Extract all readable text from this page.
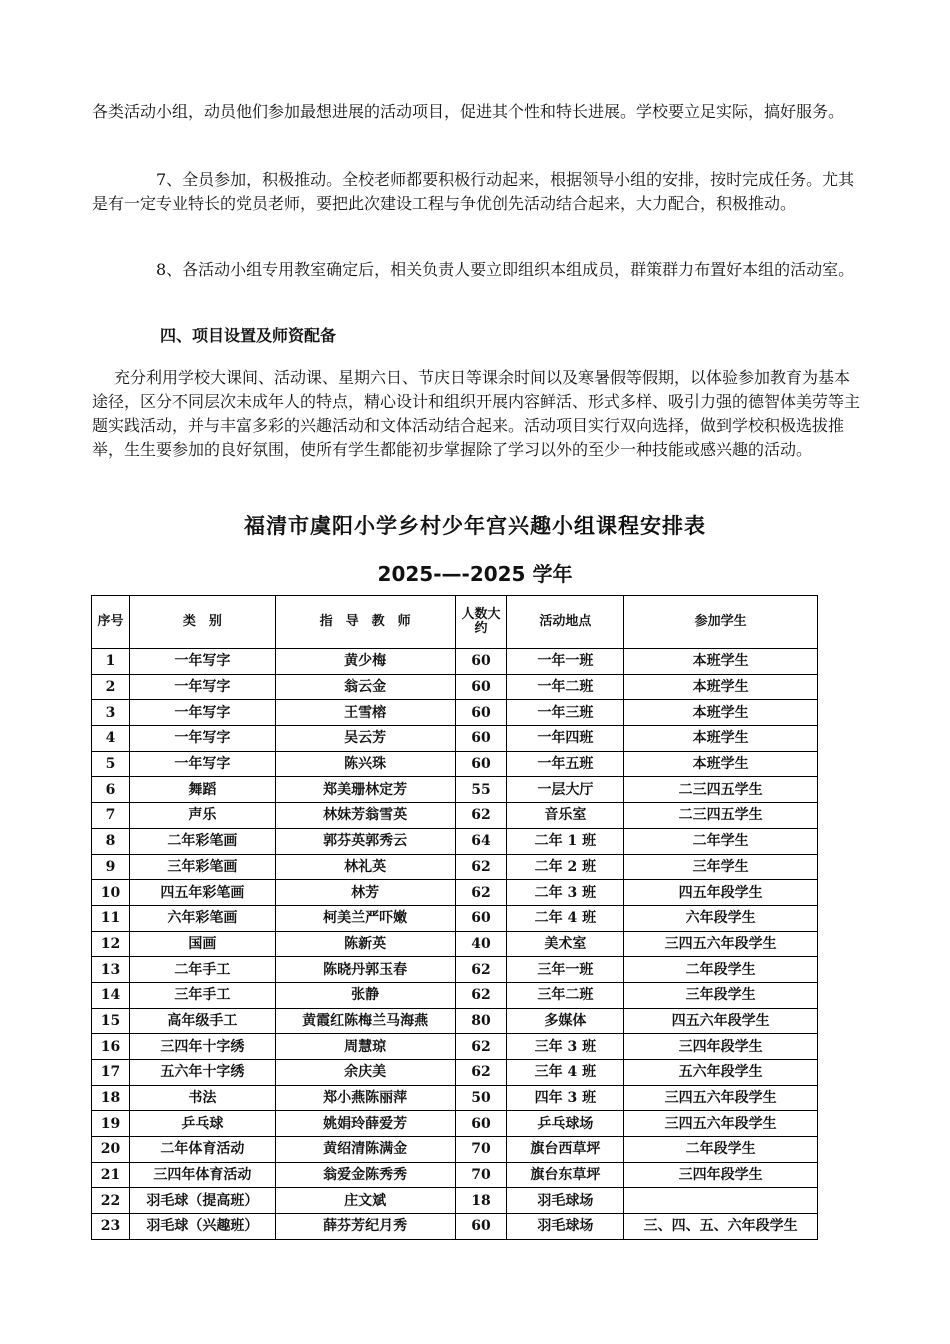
各类活动小组，动员他们参加最想进展的活动项目，促进其个性和特长进展。学校要立足实际，搞好服务。

7、全员参加，积极推动。全校老师都要积极行动起来，根据领导小组的安排，按时完成任务。尤其是有一定专业特长的党员老师，要把此次建设工程与争优创先活动结合起来，大力配合，积极推动。

8、各活动小组专用教室确定后，相关负责人要立即组织本组成员，群策群力布置好本组的活动室。

四、项目设置及师资配备

充分利用学校大课间、活动课、星期六日、节庆日等课余时间以及寒暑假等假期，以体验参加教育为基本途径，区分不同层次未成年人的特点，精心设计和组织开展内容鲜活、形式多样、吸引力强的德智体美劳等主题实践活动，并与丰富多彩的兴趣活动和文体活动结合起来。活动项目实行双向选择，做到学校积极选拔推举，生生要参加的良好氛围，使所有学生都能初步掌握除了学习以外的至少一种技能或感兴趣的活动。

福清市虞阳小学乡村少年宫兴趣小组课程安排表

2025-—-2025 学年

序号	类　别	指　导　教　师	人数大约	活动地点	参加学生
1	一年写字	黄少梅	60	一年一班	本班学生
2	一年写字	翁云金	60	一年二班	本班学生
3	一年写字	王雪榕	60	一年三班	本班学生
4	一年写字	吴云芳	60	一年四班	本班学生
5	一年写字	陈兴珠	60	一年五班	本班学生
6	舞蹈	郑美珊林定芳	55	一层大厅	二三四五学生
7	声乐	林妹芳翁雪英	62	音乐室	二三四五学生
8	二年彩笔画	郭芬英郭秀云	64	二年 1 班	二年学生
9	三年彩笔画	林礼英	62	二年 2 班	三年学生
10	四五年彩笔画	林芳	62	二年 3 班	四五年段学生
11	六年彩笔画	柯美兰严吓嫩	60	二年 4 班	六年段学生
12	国画	陈新英	40	美术室	三四五六年段学生
13	二年手工	陈晓丹郭玉春	62	三年一班	二年段学生
14	三年手工	张静	62	三年二班	三年段学生
15	高年级手工	黄霞红陈梅兰马海燕	80	多媒体	四五六年段学生
16	三四年十字绣	周慧琼	62	三年 3 班	三四年段学生
17	五六年十字绣	余庆美	62	三年 4 班	五六年段学生
18	书法	郑小燕陈丽萍	50	四年 3 班	三四五六年段学生
19	乒乓球	姚娟玲薛爱芳	60	乒乓球场	三四五六年段学生
20	二年体育活动	黄绍清陈满金	70	旗台西草坪	二年段学生
21	三四年体育活动	翁爱金陈秀秀	70	旗台东草坪	三四年段学生
22	羽毛球（提高班）	庄文斌	18	羽毛球场	
23	羽毛球（兴趣班）	薛芬芳纪月秀	60	羽毛球场	三、四、五、六年段学生
